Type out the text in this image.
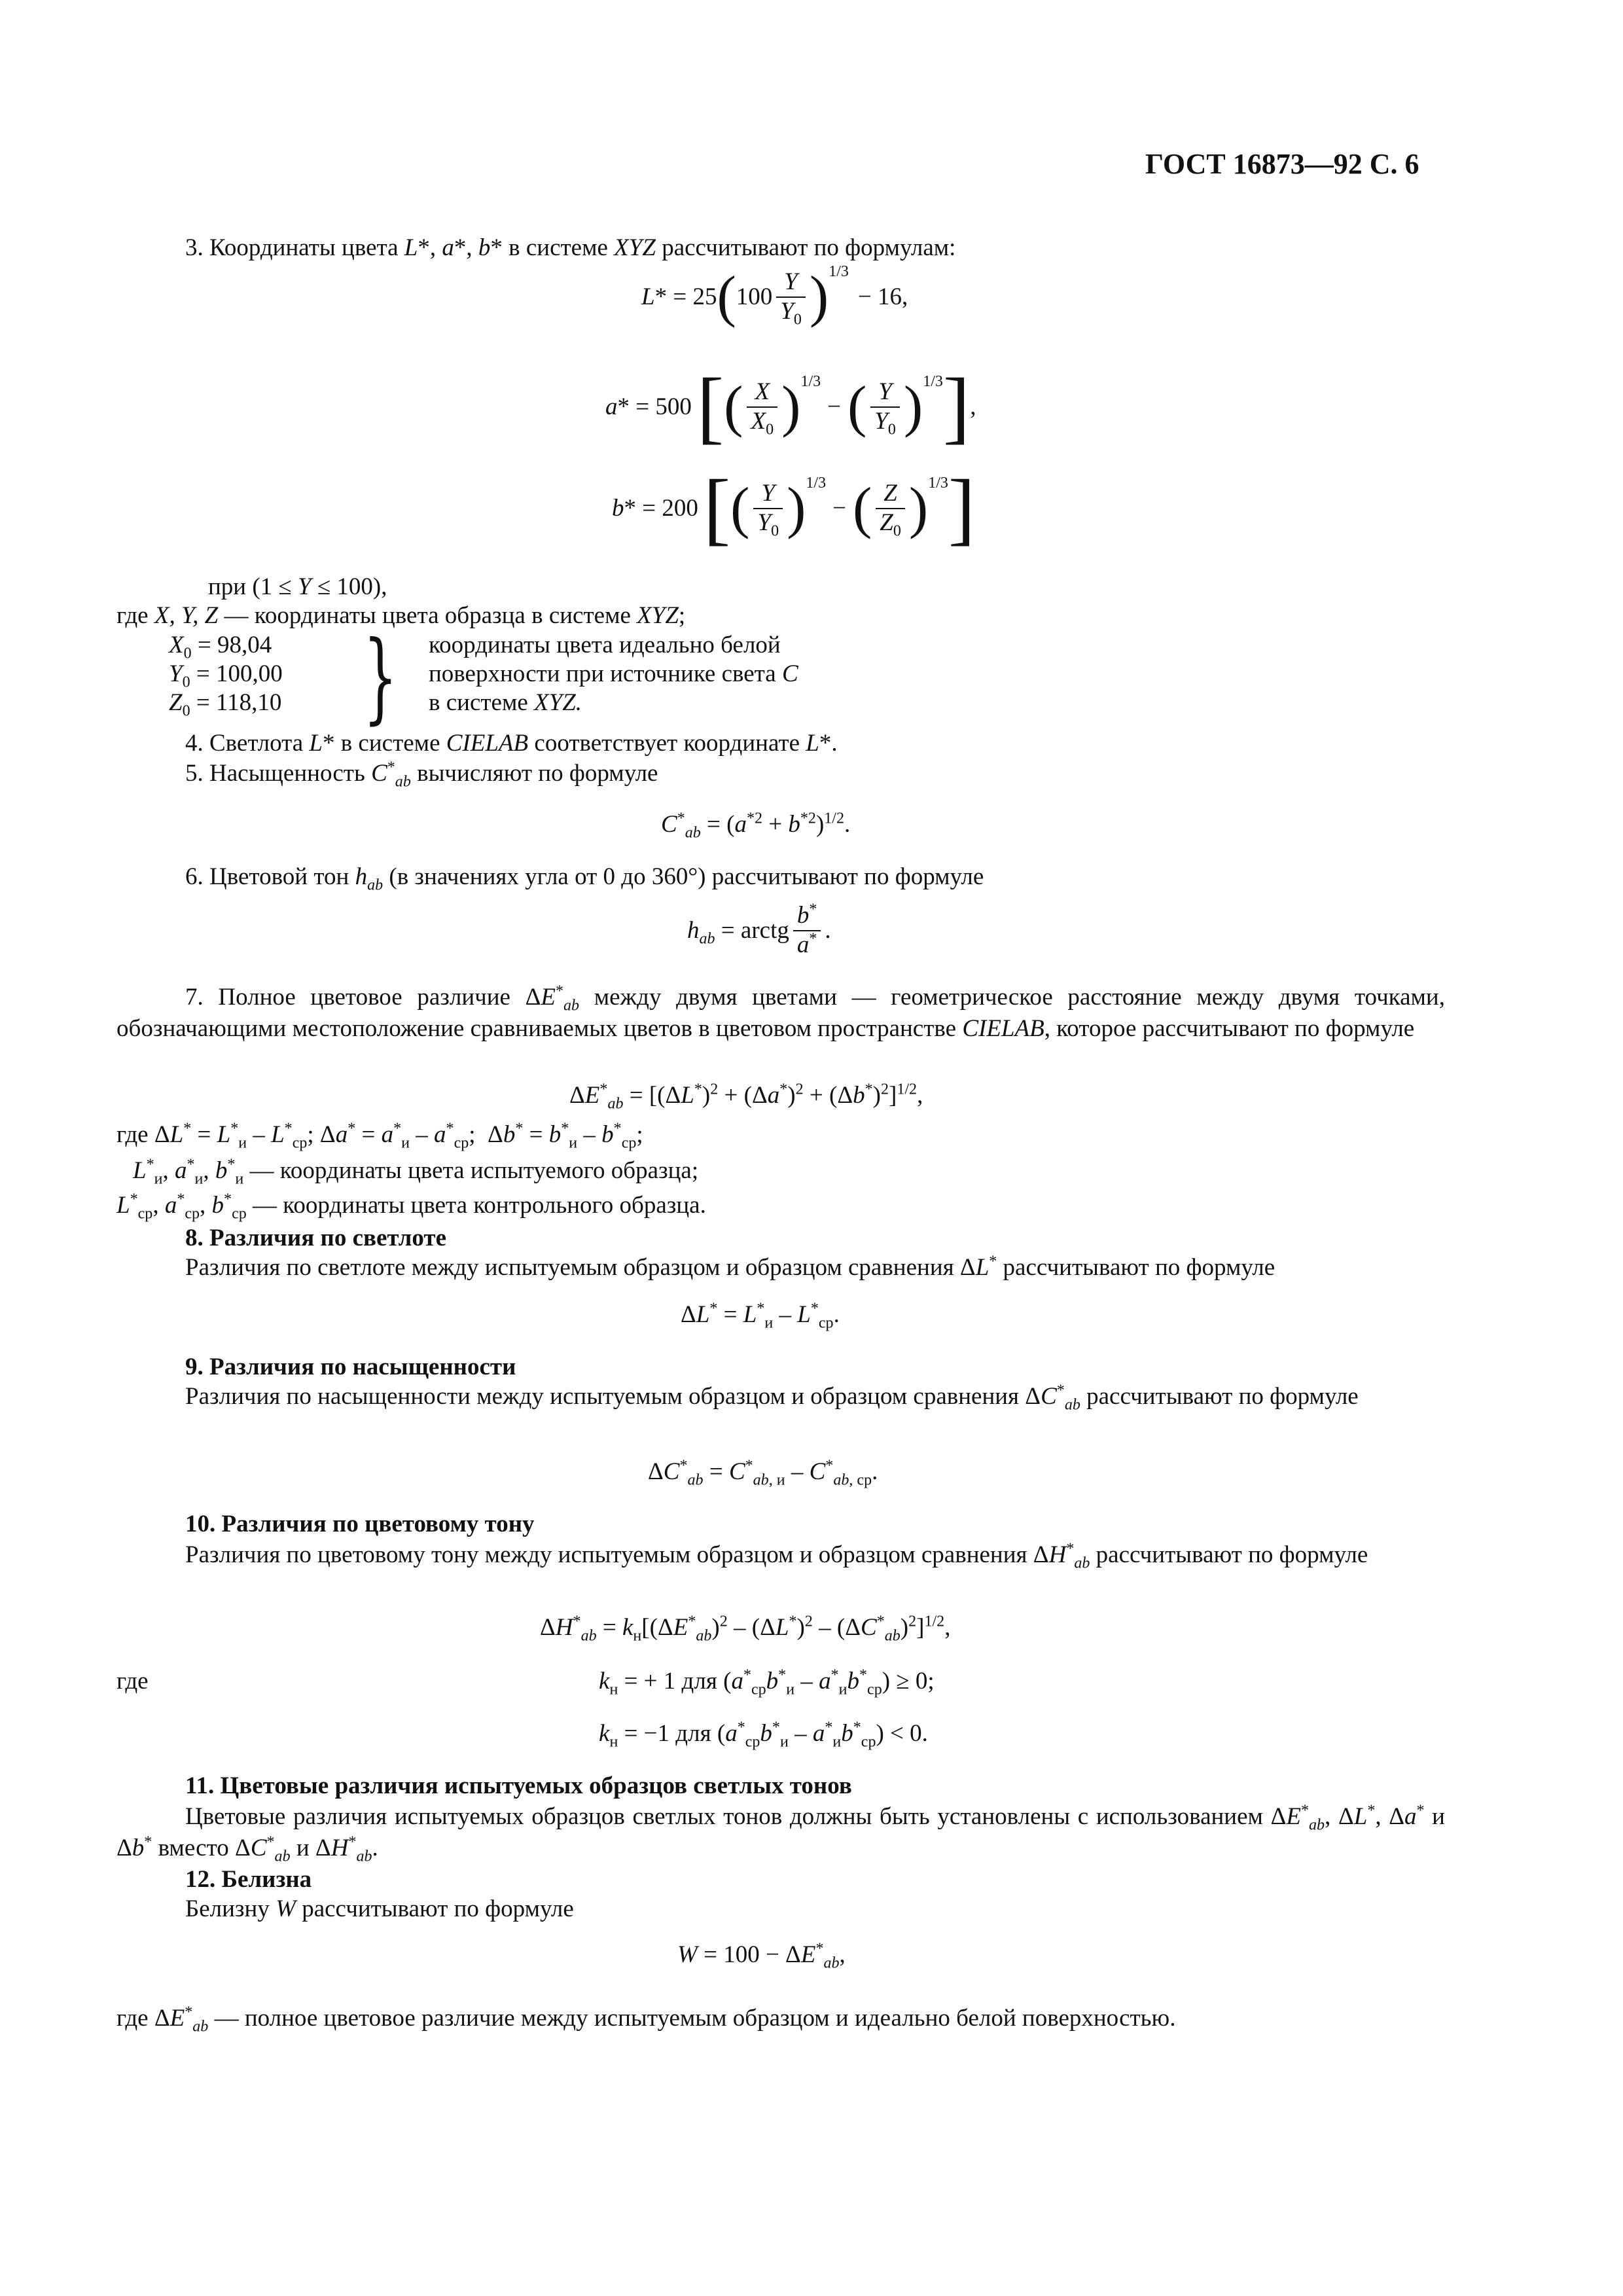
ГОСТ 16873—92 С. 6
3. Координаты цвета L*, a*, b* в системе XYZ рассчитывают по формулам:
L* = 25 ( $100 \frac{Y}{Y_0}$ ) 1/3
− 16,
a* = 500 [ ( $\frac{X}{X_0}$ ) 1/3
− ( $\frac{Y}{Y_0}$ ) 1/3 ] ,
b* = 200 [ ( $\frac{Y}{Y_0}$ ) 1/3
− ( $\frac{Z}{Z_0}$ ) 1/3 ]
при (1 ≤ Y ≤ 100),
где X, Y, Z — координаты цвета образца в системе XYZ;
$X_0 = 98,04$
$Y_0 = 100,00$
$Z_0 = 118,10$ } координаты цвета идеально белой
поверхности при источнике света C
в системе XYZ.
4. Светлота L* в системе CIELAB соответствует координате L*.
5. Насыщенность $C^*_{ab}$ вычисляют по формуле
$C^*_{ab} = (a^{*2} + b^{*2})^{1/2}$.
6. Цветовой тон $h_{ab}$ (в значениях угла от 0 до 360°) рассчитывают по формуле
$h_{ab}$ = arctg $\frac{b^*}{a^*}$ .
7. Полное цветовое различие $\Delta E^*_{ab}$ между двумя цветами — геометрическое расстояние между двумя точками, обозначающими местоположение сравниваемых цветов в цветовом пространстве CIELAB, которое рассчитывают по формуле
$\Delta E^*_{ab} = [(\Delta L^*)^2 + (\Delta a^*)^2 + (\Delta b^*)^2]^{1/2}$,
где $\Delta L^* = L^*_и - L^*_{ср}$; $\Delta a^* = a^*_и - a^*_{ср}$;  $\Delta b^* = b^*_и - b^*_{ср}$;
$L^*_и$, $a^*_и$, $b^*_и$ — координаты цвета испытуемого образца;
$L^*_{ср}$, $a^*_{ср}$, $b^*_{ср}$ — координаты цвета контрольного образца.
8. Различия по светлоте
Различия по светлоте между испытуемым образцом и образцом сравнения ΔL* рассчитывают по формуле
$\Delta L^* = L^*_и - L^*_{ср}$.
9. Различия по насыщенности
Различия по насыщенности между испытуемым образцом и образцом сравнения $\Delta C^*_{ab}$ рассчитывают по формуле
$\Delta C^*_{ab} = C^*_{ab, и} - C^*_{ab, ср}$.
10. Различия по цветовому тону
Различия по цветовому тону между испытуемым образцом и образцом сравнения $\Delta H^*_{ab}$ рассчитывают по формуле
$\Delta H^*_{ab} = k_н[(\Delta E^*_{ab})^2 - (\Delta L^*)^2 - (\Delta C^*_{ab})^2]^{1/2}$,
где	$k_н$ = + 1 для $(a^*_{ср}b^*_и - a^*_иb^*_{ср}) \ge 0$;
$k_н = -1$ для $(a^*_{ср}b^*_и - a^*_иb^*_{ср}) < 0$.
11. Цветовые различия испытуемых образцов светлых тонов
Цветовые различия испытуемых образцов светлых тонов должны быть установлены с использованием $\Delta E^*_{ab}$, ΔL*, Δa* и Δb* вместо $\Delta C^*_{ab}$ и $\Delta H^*_{ab}$.
12. Белизна
Белизну W рассчитывают по формуле
$W = 100 - \Delta E^*_{ab}$,
где $\Delta E^*_{ab}$ — полное цветовое различие между испытуемым образцом и идеально белой поверхностью.
